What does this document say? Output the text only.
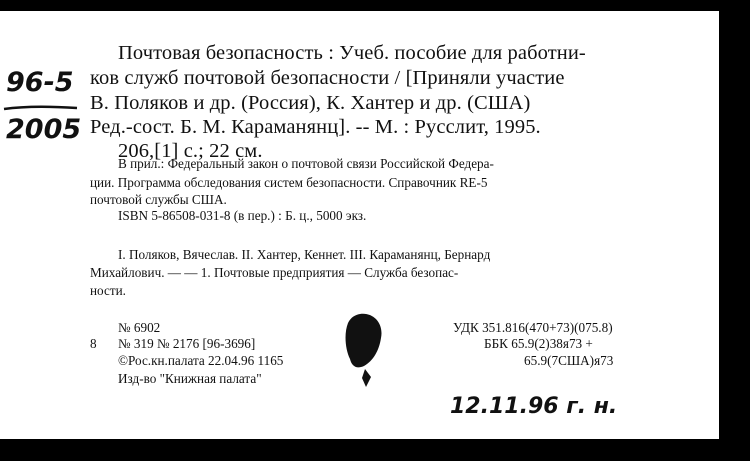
96-5
2005
Почтовая безопасность : Учеб. пособие для работни-
ков служб почтовой безопасности / [Приняли участие
В. Поляков и др. (Россия), К. Хантер и др. (США)
Ред.-сост. Б. М. Караманянц]. -- М. : Русслит, 1995.
206,[1] с.; 22 см.
В прил.: Федеральный закон о почтовой связи Российской Федера-
ции. Программа обследования систем безопасности. Справочник RE-5
почтовой службы США.
ISBN 5-86508-031-8 (в пер.) : Б. ц., 5000 экз.
I. Поляков, Вячеслав. II. Хантер, Кеннет. III. Караманянц, Бернард
Михайлович. — — 1. Почтовые предприятия — Служба безопас-
ности.
№ 6902
8 № 319 № 2176 [96-3696]
©Рос.кн.палата 22.04.96 1165
Изд-во "Книжная палата"
УДК 351.816(470+73)(075.8)
ББК 65.9(2)38я73 +
65.9(7США)я73
12.11.96 г. н.
